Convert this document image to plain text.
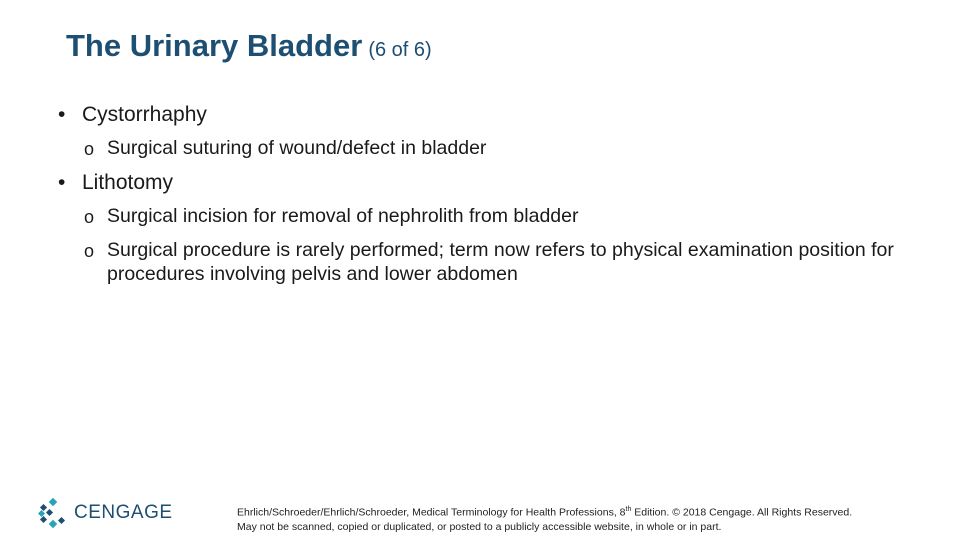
The Urinary Bladder (6 of 6)
• Cystorrhaphy
o Surgical suturing of wound/defect in bladder
• Lithotomy
o Surgical incision for removal of nephrolith from bladder
o Surgical procedure is rarely performed; term now refers to physical examination position for procedures involving pelvis and lower abdomen
CENGAGE	Ehrlich/Schroeder/Ehrlich/Schroeder, Medical Terminology for Health Professions, 8th Edition. © 2018 Cengage. All Rights Reserved.
May not be scanned, copied or duplicated, or posted to a publicly accessible website, in whole or in part.
